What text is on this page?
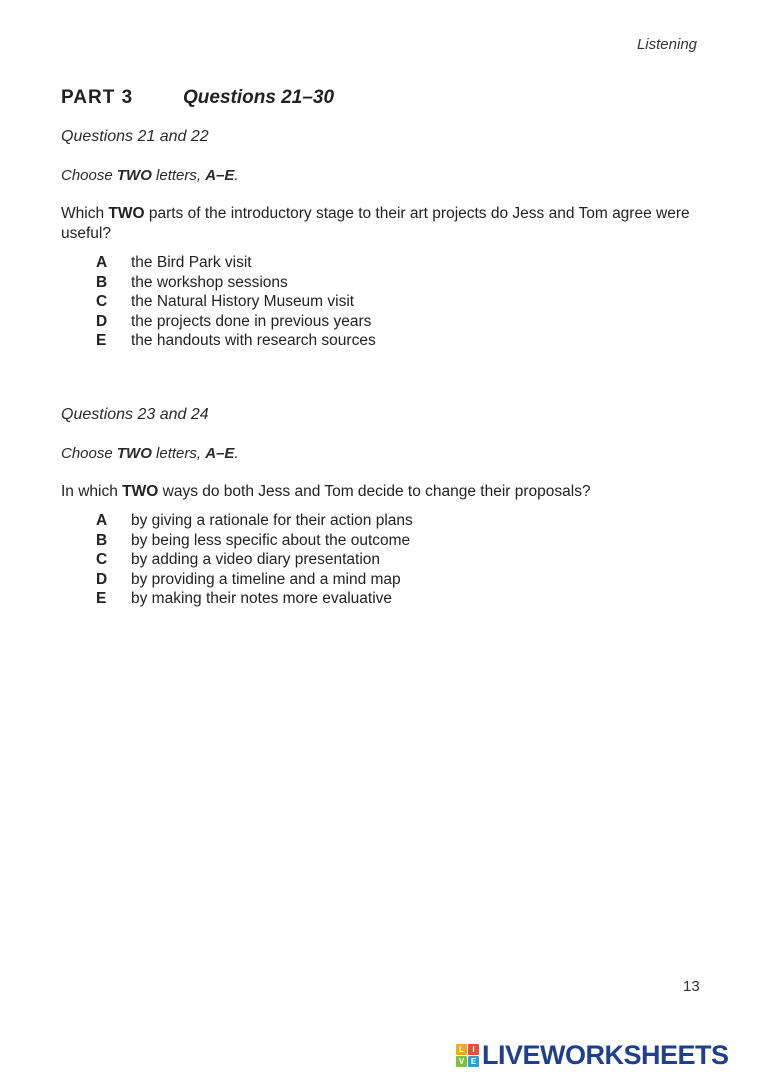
Listening
PART 3	Questions 21–30
Questions 21 and 22
Choose TWO letters, A–E.
Which TWO parts of the introductory stage to their art projects do Jess and Tom agree were useful?
A	the Bird Park visit
B	the workshop sessions
C	the Natural History Museum visit
D	the projects done in previous years
E	the handouts with research sources
Questions 23 and 24
Choose TWO letters, A–E.
In which TWO ways do both Jess and Tom decide to change their proposals?
A	by giving a rationale for their action plans
B	by being less specific about the outcome
C	by adding a video diary presentation
D	by providing a timeline and a mind map
E	by making their notes more evaluative
13
L	I
V E LIVEWORKSHEETS
